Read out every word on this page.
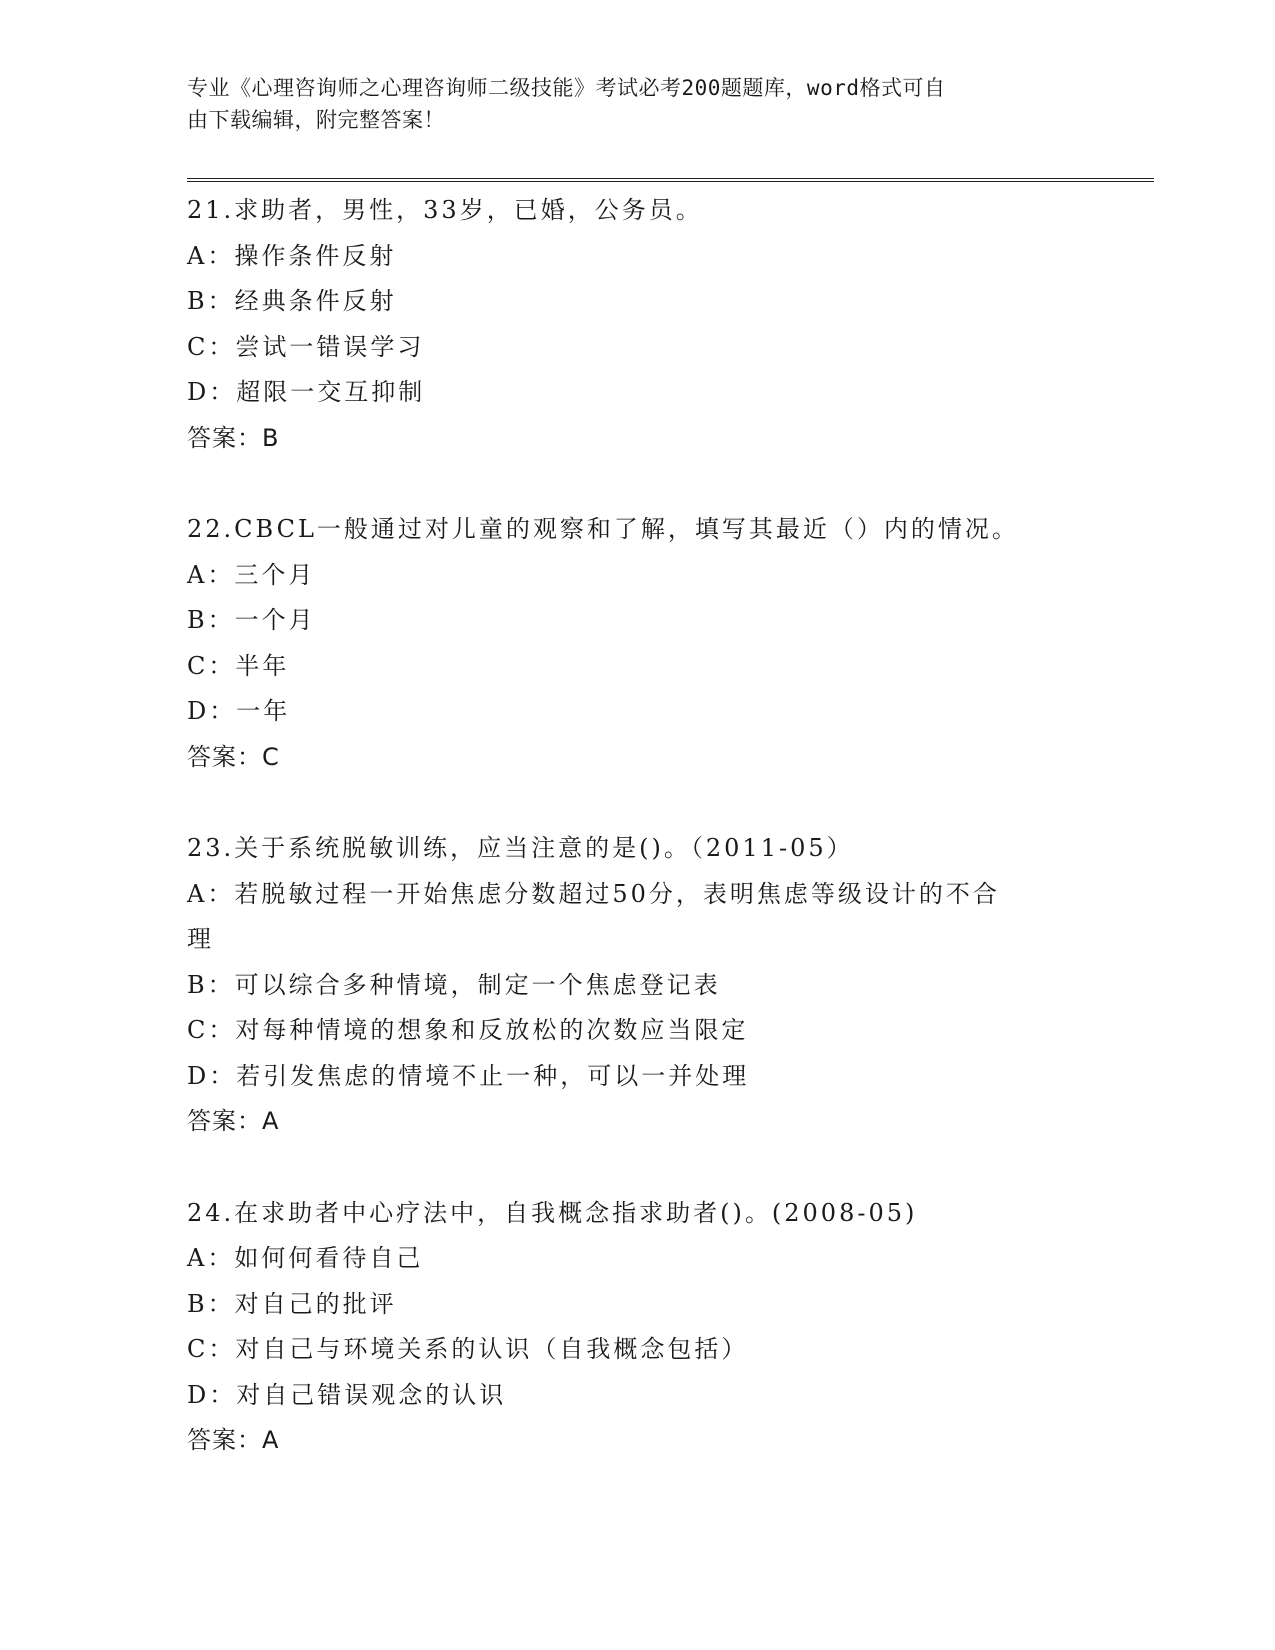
专业《心理咨询师之心理咨询师二级技能》考试必考200题题库，word格式可自
由下载编辑，附完整答案！
21.求助者，男性，33岁，已婚，公务员。
A：操作条件反射
B：经典条件反射
C：尝试一错误学习
D：超限一交互抑制
答案：B
22.CBCL一般通过对儿童的观察和了解，填写其最近（）内的情况。
A：三个月
B：一个月
C：半年
D：一年
答案：C
23.关于系统脱敏训练，应当注意的是()。（2011-05）
A：若脱敏过程一开始焦虑分数超过50分，表明焦虑等级设计的不合
理
B：可以综合多种情境，制定一个焦虑登记表
C：对每种情境的想象和反放松的次数应当限定
D：若引发焦虑的情境不止一种，可以一并处理
答案：A
24.在求助者中心疗法中，自我概念指求助者()。(2008-05)
A：如何何看待自己
B：对自己的批评
C：对自己与环境关系的认识（自我概念包括）
D：对自己错误观念的认识
答案：A
